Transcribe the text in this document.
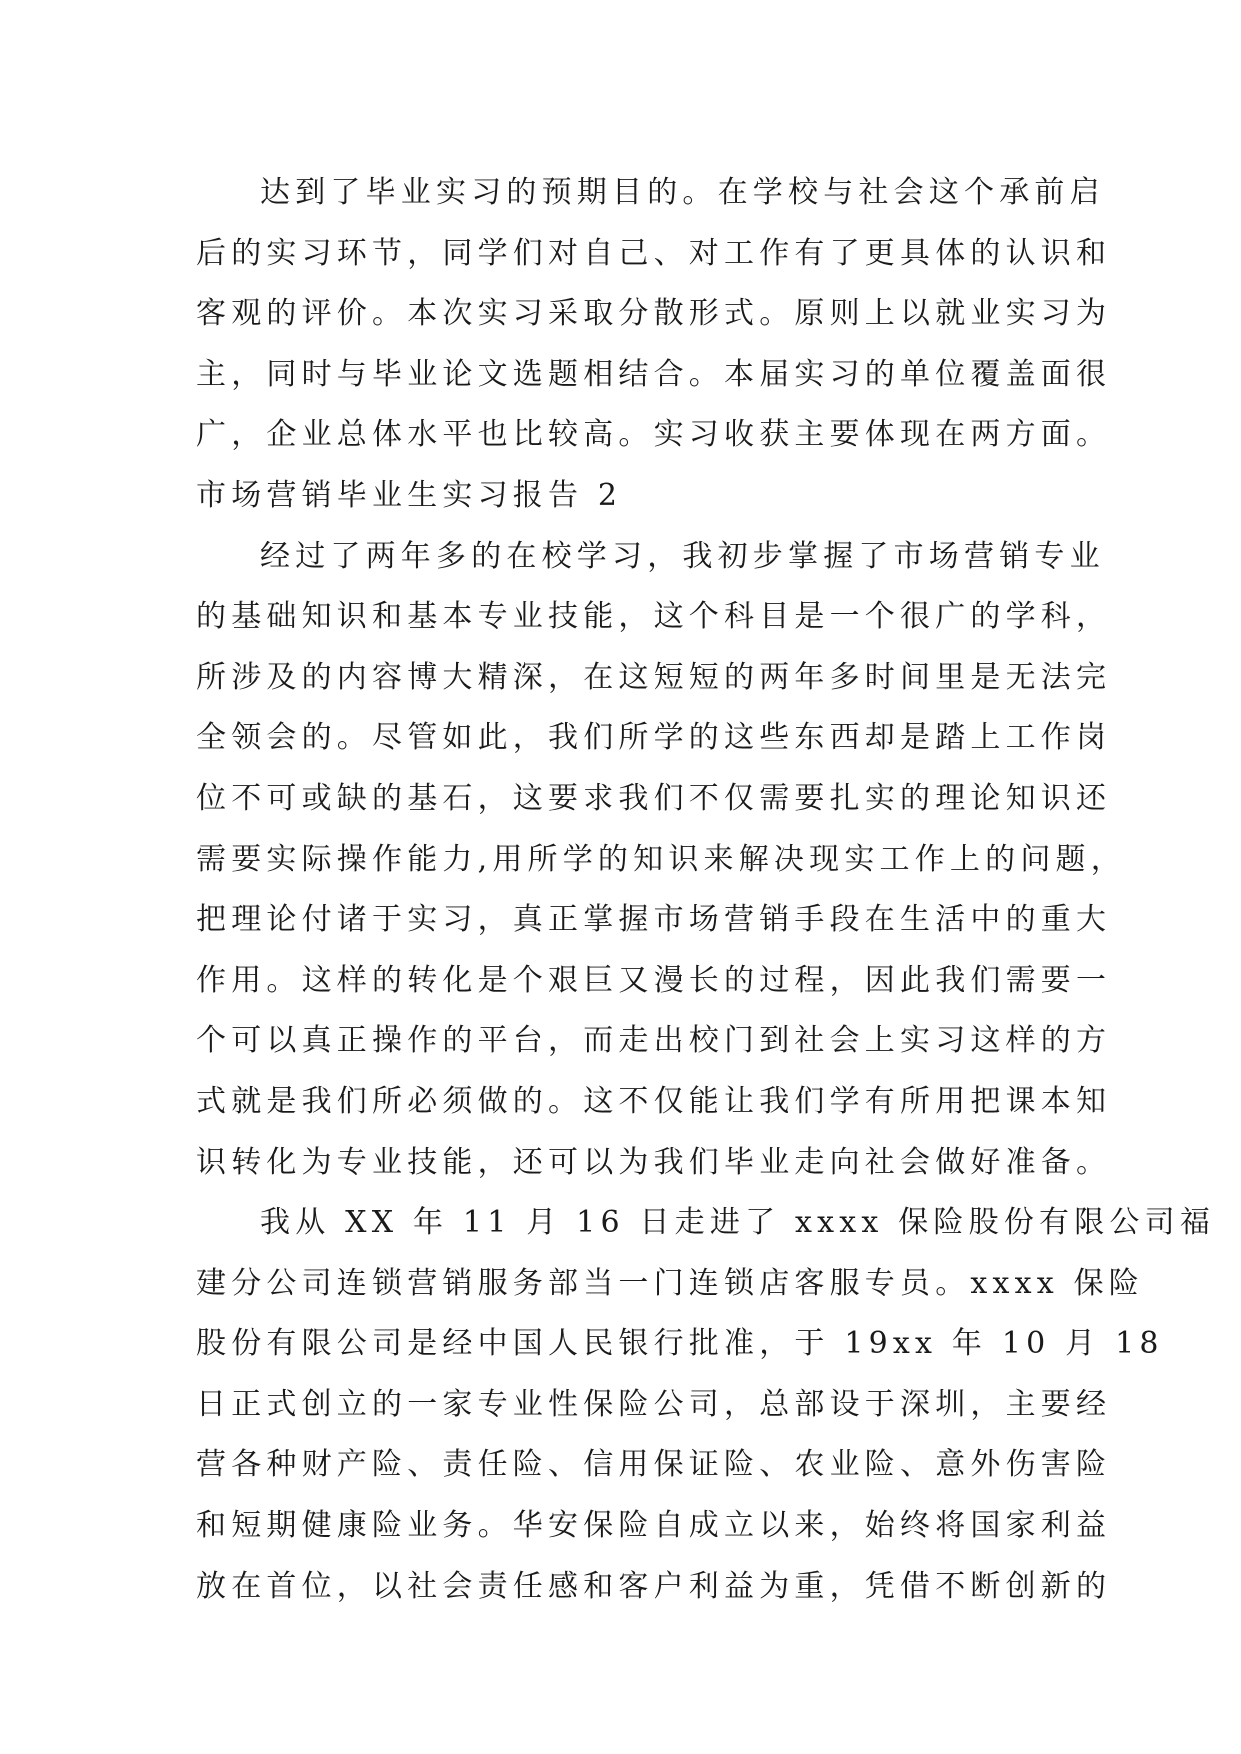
达到了毕业实习的预期目的。在学校与社会这个承前启
后的实习环节，同学们对自己、对工作有了更具体的认识和
客观的评价。本次实习采取分散形式。原则上以就业实习为
主，同时与毕业论文选题相结合。本届实习的单位覆盖面很
广，企业总体水平也比较高。实习收获主要体现在两方面。
市场营销毕业生实习报告 2
经过了两年多的在校学习，我初步掌握了市场营销专业
的基础知识和基本专业技能，这个科目是一个很广的学科，
所涉及的内容博大精深，在这短短的两年多时间里是无法完
全领会的。尽管如此，我们所学的这些东西却是踏上工作岗
位不可或缺的基石，这要求我们不仅需要扎实的理论知识还
需要实际操作能力,用所学的知识来解决现实工作上的问题，
把理论付诸于实习，真正掌握市场营销手段在生活中的重大
作用。这样的转化是个艰巨又漫长的过程，因此我们需要一
个可以真正操作的平台，而走出校门到社会上实习这样的方
式就是我们所必须做的。这不仅能让我们学有所用把课本知
识转化为专业技能，还可以为我们毕业走向社会做好准备。
我从 XX 年 11 月 16 日走进了 xxxx 保险股份有限公司福
建分公司连锁营销服务部当一门连锁店客服专员。xxxx 保险
股份有限公司是经中国人民银行批准，于 19xx 年 10 月 18
日正式创立的一家专业性保险公司，总部设于深圳，主要经
营各种财产险、责任险、信用保证险、农业险、意外伤害险
和短期健康险业务。华安保险自成立以来，始终将国家利益
放在首位，以社会责任感和客户利益为重，凭借不断创新的
